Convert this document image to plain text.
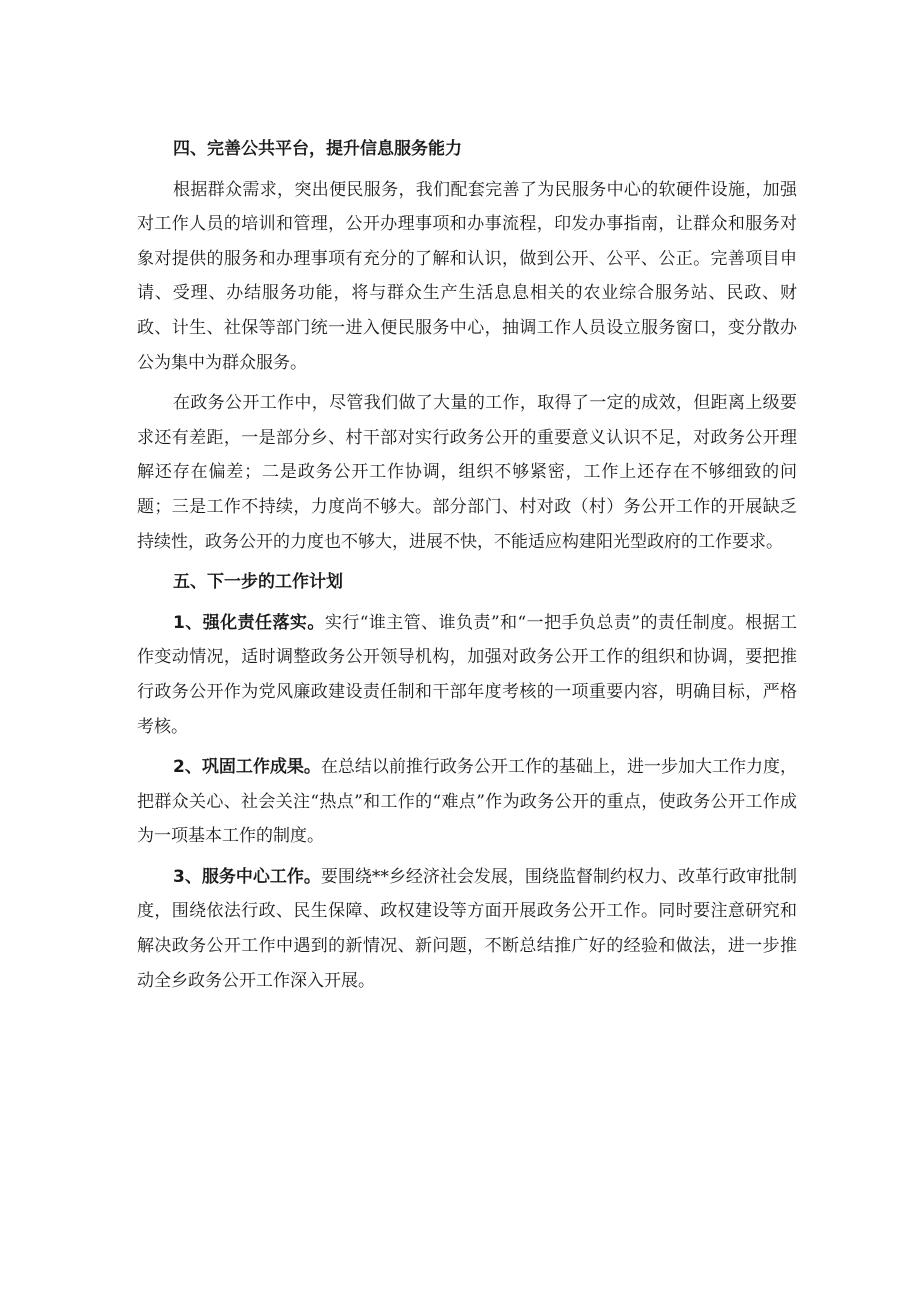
四、完善公共平台，提升信息服务能力

根据群众需求，突出便民服务，我们配套完善了为民服务中心的软硬件设施，加强对工作人员的培训和管理，公开办理事项和办事流程，印发办事指南，让群众和服务对象对提供的服务和办理事项有充分的了解和认识，做到公开、公平、公正。完善项目申请、受理、办结服务功能，将与群众生产生活息息相关的农业综合服务站、民政、财政、计生、社保等部门统一进入便民服务中心，抽调工作人员设立服务窗口，变分散办公为集中为群众服务。

在政务公开工作中，尽管我们做了大量的工作，取得了一定的成效，但距离上级要求还有差距，一是部分乡、村干部对实行政务公开的重要意义认识不足，对政务公开理解还存在偏差；二是政务公开工作协调，组织不够紧密，工作上还存在不够细致的问题；三是工作不持续，力度尚不够大。部分部门、村对政（村）务公开工作的开展缺乏持续性，政务公开的力度也不够大，进展不快，不能适应构建阳光型政府的工作要求。

五、下一步的工作计划

1、强化责任落实。实行“谁主管、谁负责”和“一把手负总责”的责任制度。根据工作变动情况，适时调整政务公开领导机构，加强对政务公开工作的组织和协调，要把推行政务公开作为党风廉政建设责任制和干部年度考核的一项重要内容，明确目标，严格考核。

2、巩固工作成果。在总结以前推行政务公开工作的基础上，进一步加大工作力度，把群众关心、社会关注“热点”和工作的“难点”作为政务公开的重点，使政务公开工作成为一项基本工作的制度。

3、服务中心工作。要围绕**乡经济社会发展，围绕监督制约权力、改革行政审批制度，围绕依法行政、民生保障、政权建设等方面开展政务公开工作。同时要注意研究和解决政务公开工作中遇到的新情况、新问题，不断总结推广好的经验和做法，进一步推动全乡政务公开工作深入开展。
